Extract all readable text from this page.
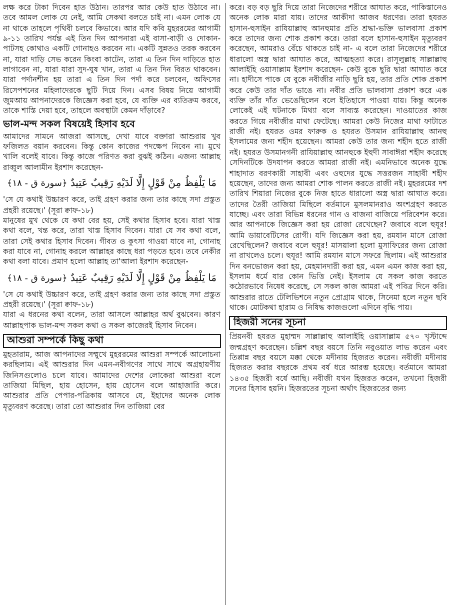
লক্ষ করে টাকা দিবেন হাত উঠান। তারপর আর কেউ হাত উঠাবে না। তবে আমল লোক যে নেই, আমি সেকথা বলতে চাই না। এমন লোক যে না থাকে তাহলে পৃথিবী চলবে কিভাবে। আর যদি কবি মুহররমের আগামী ৯-১১ তারিখ পর্যন্ত এই তিন দিন আপনারা এই বাসা-বাড়ী ও দোকান-পাটসহ কোথাও একটি গোনাহও করবেন না। একটি সুন্নতও তরক করবেন না, যারা দাড়ি সেভ করেন কিংবা কাটেন, তারা এ তিন দিন দাড়িতে হাত লাগাবেন না, যারা যারা সুদ-ঘুষ খান, তারা এ তিন দিন বিরত থাকবেন। যারা পর্দানশীন হয় তারা এ তিন দিন পর্দা করে চলবেন, অফিসের রিসেপশনের মহিলাদেরকে ছুটি দিয়ে দিন। এসব বিষয় নিয়ে আগামী জুমআয় আপনাদেরকে জিজ্ঞেস করা হবে, যে ব্যক্তি এর ব্যতিক্রম করবে, তাকে শাস্তি দেয়া হবে, তাহলে অবস্থাটা কেমন দাঁড়াবে?

ভাল-মন্দ সকল বিষয়েই হিসাব হবে

আমাদের সামনে আজরা আসছে, দেখা যাবে বক্তারা আশুরায় খুব ফজিলত বয়ান করবেন। কিন্তু কোন কাজের পদক্ষেপ নিবেন না। মুখে খালি বলেই যাবে। কিন্তু কাজে পরিণত করা বুঝই কঠিন। এজন্য আল্লাহ রাব্বুল আলামীন ইরশাদ করেছেন-

مَا يَلْفِظُ مِنْ قَوْلٍ إِلَّا لَدَيْهِ رَقِيبٌ عَتِيدٌ ﴿سورة ق - ١٨﴾

'সে যে কথাই উচ্চারণ করে, তাই গ্রহণ করার জন্য তার কাছে সদা প্রস্তুত প্রহরী রয়েছে।' (সূরা ক্বাফ-১৮)

মানুষের মুখ থেকে যে কথা বের হয়, সেই কথার হিসাব হবে। যারা খাস্ত কথা বলে, খন্ত করে, তারা খাস্ত হিসাব দিবেন। যারা যে সব কথা বলে, তারা সেই কথার হিসাব দিবেন। গীবত ও কুৎসা গাওয়া যাবে না, গোনাহ করা যাবে না, গোনাহ করলে আল্লাহর কাছে ধরা পড়তে হবে। তবে নেকীর কথা বলা যাবে। প্রমাণ হলো আল্লাহ তা'আলা ইরশাদ করেছেন-

مَا يَلْفِظُ مِنْ قَوْلٍ إِلَّا لَدَيْهِ رَقِيبٌ عَتِيدٌ ﴿سورة ق - ١٨﴾

'সে যে কথাই উচ্চারণ করে, তাই গ্রহণ করার জন্য তার কাছে সদা প্রস্তুত প্রহরী রয়েছে।' (সূরা ক্বাফ-১৮)

যারা এ ধরনের কথা বলেন, তারা আসলে আল্লাহর অর্থ বুঝবেন। কারণ আল্লাহপাক ভাল-মন্দ সকল কথা ও সকল কাজেরই হিসাব নিবেন।

আশুরা সম্পর্কে কিছু কথা

মুহতারাম, আজ আপনাদের সম্মুখে মুহররমের আশুরা সম্পর্কে আলোচনা করছিলাম। এই আশুরার দিন এমন-নবীগণের সাথে সাথে অগ্রহায়ণীয় জিনিসগুলোও চলে যাবে। আমাদের দেশের লোকেরা আশুরা বলে তাজিয়া মিছিল, হায় হোসেন, হায় হোসেন বলে আহাজারি করে। আশুরার প্রতি পেপার-পত্রিকায় আসবে যে, ইহাদের অনেক লোক মৃত্যুবরণ করেছে। তারা তো আশুরার দিন তাজিয়া বের

করে। বড় বড় ছুরি দিয়ে তারা নিজেদের শরীরে আঘাত করে, পাকিস্তানেও অনেক লোক মারা যায়। তাদের আকীদা আজব ধরণের। তারা হযরত হাসান-হুসাইন রাযিয়াল্লাহু আনহুমার প্রতি শ্রদ্ধা-ভক্তি ভালবাসা প্রকাশ করে তাদের জন্য শোক প্রকাশ করে। তারা বলে হাসান-হুসাইন মৃত্যুবরণ করেছেন, আমরাও বেঁচে থাকতে চাই না- এ বলে তারা নিজেদের শরীরে ধারালো অস্ত্র দ্বারা আঘাত করে, আত্মহত্যা করে। রাসূলুল্লাহ সাল্লাল্লাহু আলাইহি ওয়াসাল্লাম ইরশাদ করেছেন- কেউ বুকে ছুরি দ্বারা আঘাত করে না। হাদীসে পাকে যে বুকে নবীজীর নাড়ি ছুরি হয়, তার প্রতি শোক প্রকাশ করে কেউ তার দাঁত ভাঙে না। নবীর প্রতি ভালবাসা প্রকাশ করে এক ব্যক্তি তাঁর দাঁত ভেঙেছিলেন বলে ইতিহাসে পাওয়া যায়। কিন্তু অনেক লোকেই এই ঘটনাকে মিথ্যা বলে সাব্যস্ত করেছেন। দাওয়াতের কাজ করতে গিয়ে নবীজীর মাথা ফেটেছে। আমরা কেউ নিজের মাথা ফাটাতে রাজী নই। হযরত ওমর ফারুক ও হযরত উসমান রাযিয়াল্লাহু আনহু ইসলামের জন্য শহীদ হয়েছেন। আমরা কেউ তার জন্য শহীদ হতে রাজী নই। হযরত উসমানগনী রাযিয়াল্লাহু আনহুকে ইহুদী সাবাঈরা শহীদ করেছে সেদিনটিকে উদযাপন করতে আমরা রাজী নই। এমনিভাবে অনেক যুদ্ধে শাহাদাত বরণকারী সাহাবী এবং ওহুদের যুদ্ধে সত্তরজন সাহাবী শহীদ হয়েছেন, তাদের জন্য আমরা শোক পালন করতে রাজী নই। মুহররমের দশ তারিখ শিয়ারা নিজের বুকে নিজ হাতে ধারালো অস্ত্র দ্বারা আঘাত করে। তাদের তৈরী তাজিয়া মিছিলে বর্তমানে মুসলমানরাও অংশগ্রহণ করতে যাচ্ছে। এবং তারা বিভিন্ন ধরনের গান ও বাজনা বাজিয়ে পরিবেশন করে। আর আপনাকে জিজ্ঞেস করা হয় রোজা রেখেছেন? জবাবে বলে হুযূর! আমি ডায়াবেটিসের রোগী। যদি জিজ্ঞেস করা হয়, রমযান মাসে রোজা রেখেছিলেন? জবাবে বলে হুযূর! মাসয়ালা হলো মুসাফিরের জন্য রোজা না রাখলেও চলে। হুযূর! আমি রমযান মাসে সফরে ছিলাম। এই আশুরার দিন বনভোজন করা হয়, মেহমানদারী করা হয়, এমন এমন কাজ করা হয়, ইসলাম ধর্মে যার কোন ভিত্তি নেই। ইসলাম যে সকল কাজ করতে কঠোরভাবে নিষেধ করেছে, সে সকল কাজ আমরা এই পবিত্র দিনে করি। আশুরার রাতে টেলিভিশনে নতুন প্রোগ্রাম থাকে, সিনেমা হলে নতুন ছবি থাকে। মোটকথা হারাম ও নিষিদ্ধ কাজগুলো এদিনে বৃদ্ধি পায়।

হিজরী সনের সূচনা

প্রিয়নবী হযরত মুহাম্মদ সাল্লাল্লাহু আলাইহি ওয়াসাল্লাম ৫৭০ খৃস্টাব্দে জন্মগ্রহণ করেছেন। চল্লিশ বছর বয়সে তিনি নবুওয়াত লাভ করেন এবং তিপ্পান্ন বছর বয়সে মক্কা থেকে মদীনায় হিজরত করেন। নবীজী মদীনায় হিজরত করার বছরকে প্রথম বর্ষ ধরে আরম্ভ হয়েছে। বর্তমানে আমরা ১৪৩৫ হিজরী বর্ষে আছি। নবীজী যখন হিজরত করেন, তখনো হিজরী সনের হিসাব হয়নি। হিজরতের সূচনা অর্থাৎ হিজরতের জন্য
